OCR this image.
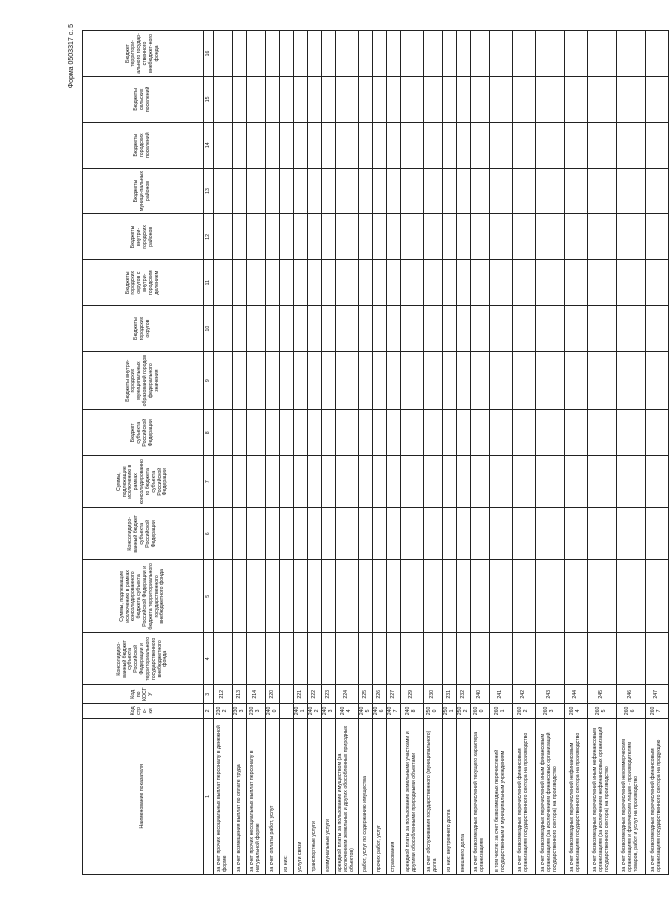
Форма 0503317 с. 5
Наименование показателя	Код стро-ки	Код по КОСГУ	Консолидиро-ванный бюджет субъекта Российской Федерации и территориального государственного внебюджетного фонда	Суммы, подлежащие исключению в рамках консолидированного бюджета субъекта Российской Федерации и бюджета территориального государственного внебюджетного фонда	Консолидиро-ванный бюджет субъекта Российской Федерации	Суммы, подлежащие исключению в рамках консолидированного бюджета субъекта Российской Федерации	Бюджет субъекта Российской Федерации	Бюджеты внутри-городских муниципальных образований городов федерального значения	Бюджеты городских округов	Бюджеты городских округов с внутри-городским делением	Бюджеты внутри-городских районов	Бюджеты муници-пальных районов	Бюджеты городских поселений	Бюджеты сельских поселений	Бюджет территори-ального государ-ственного внебюджет-ного фонда
1	2	3	4	5	6	7	8	9	10	11	12	13	14	15	16
за счет прочих несоциальных выплат персоналу в денежной форме	2302	212													
за счет возмещения выплат по оплате труда	2303	213													
за счет прочих несоциальных выплат персоналу в натуральной форме	2303	214													
за счет оплаты работ, услуг	2400	220													
из них:															
услуги связи	2401	221													
транспортные услуги	2402	222													
коммунальные услуги	2403	223													
арендной платы за пользование имуществом (за исключением земельных и других обособленных природных объектов)	2404	224													
работ, услуг по содержанию имущества	2405	225													
прочих работ, услуг	2406	226													
страхования	2407	227													
арендной платы за пользование земельными участками и другими обособленными природными объектами	2408	229													
за счет обслуживания государственного (муниципального) долга	2500	230													
из них: внутреннего долга	2501	231													
внешнего долга	2502	232													
за счет безвозмездных перечислений текущего характера организациям	2600	240													
в том числе: за счет безвозмездных перечислений государственным и муниципальным учреждениям	2601	241													
за счет безвозмездных перечислений финансовым организациям государственного сектора на производство	2602	242													
за счет безвозмездных перечислений иным финансовым организациям (за исключением финансовых организаций государственного сектора) на производство	2603	243													
за счет безвозмездных перечислений нефинансовым организациям государственного сектора на производство	2604	244													
за счет безвозмездных перечислений иным нефинансовым организациям (за исключением нефинансовых организаций государственного сектора) на производство	2605	245													
за счет безвозмездных перечислений некоммерческим организациям и физическим лицам - производителям товаров, работ и услуг на производство	2606	246													
за счет безвозмездных перечислений финансовым организациям государственного сектора на продукцию	2607	247													
